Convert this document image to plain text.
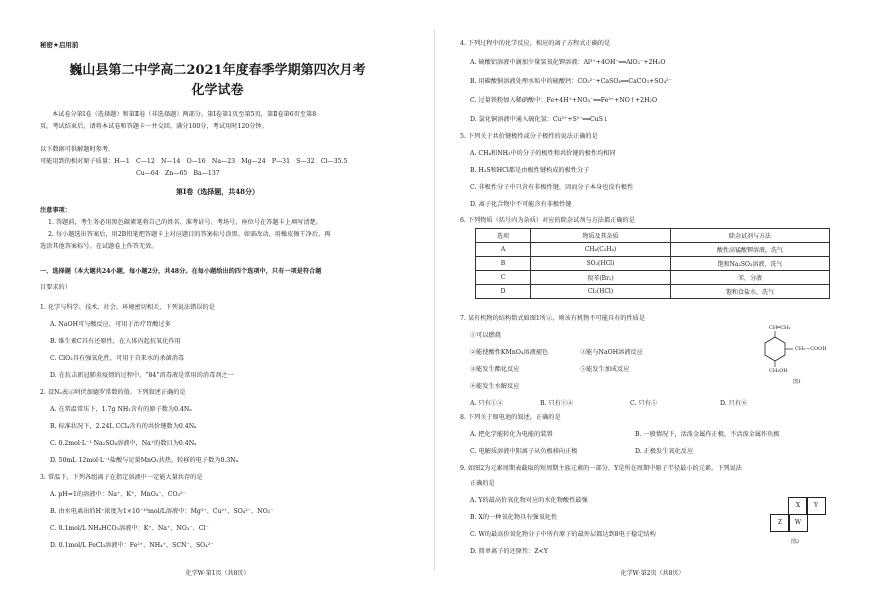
秘密★启用前
巍山县第二中学高二2021年度春季学期第四次月考
化学试卷
本试卷分第Ⅰ卷（选择题）和第Ⅱ卷（非选择题）两部分。第Ⅰ卷第1页至第5页，第Ⅱ卷第6页至第8
页。考试结束后，请将本试卷和答题卡一并交回。满分100分，考试用时120分钟。
以下数据可供解题时参考。
可能用到的相对原子质量：H—1　C—12　N—14　O—16　Na—23　Mg—24　P—31　S—32　Cl—35.5
Cu—64　Zn—65　Ba—137
第Ⅰ卷（选择题，共48分）
注意事项：
1. 答题前，考生务必用黑色碳素笔将自己的姓名、准考证号、考场号、座位号在答题卡上填写清楚。
2. 每小题选出答案后，用2B铅笔把答题卡上对应题目的答案标号涂黑。如需改动，用橡皮擦干净后，再
选涂其他答案标号。在试题卷上作答无效。
一、选择题（本大题共24小题，每小题2分，共48分。在每小题给出的四个选项中，只有一项是符合题
目要求的）
1. 化学与科学、技术、社会、环境密切相关，下列说法错误的是
A. NaOH可与酸反应，可用于治疗胃酸过多
B. 维生素C具有还原性，在人体内起抗氧化作用
C. ClO₂具有强氧化性，可用于自来水的杀菌消毒
D. 在抗击新冠肺炎疫情的过程中，“84”消毒液是常用的消毒剂之一
2. 设Nₐ表示阿伏加德罗常数的值。下列叙述正确的是
A. 在常温常压下，1.7g NH₃含有的原子数为0.4Nₐ
B. 标准状况下，2.24L CCl₄含有的共价键数为0.4Nₐ
C. 0.2mol·L⁻¹ Na₂SO₄溶液中，Na⁺的数目为0.4Nₐ
D. 50mL 12mol·L⁻¹盐酸与足量MnO₂共热，转移的电子数为0.3Nₐ
3. 常温下，下列各组离子在指定溶液中一定能大量共存的是
A. pH=1的溶液中：Na⁺、K⁺、MnO₄⁻、CO₃²⁻
B. 由水电离出的H⁺浓度为1×10⁻¹⁰mol/L溶液中：Mg²⁺、Cu²⁺、SO₄²⁻、NO₃⁻
C. 0.1mol/L NH₄HCO₃溶液中：K⁺、Na⁺、NO₃⁻、Cl⁻
D. 0.1mol/L FeCl₃溶液中：Fe²⁺、NH₄⁺、SCN⁻、SO₄²⁻
化学W·第1页（共8页）
4. 下列过程中的化学反应，相应的离子方程式正确的是
A. 硫酸铝溶液中滴加少量氢氧化钾溶液：Al³⁺+4OH⁻══AlO₂⁻+2H₂O
B. 用碳酸钠溶液处理水垢中的硫酸钙：CO₃²⁻+CaSO₄══CaCO₃+SO₄²⁻
C. 过量铁粉加入稀硝酸中：Fe+4H⁺+NO₃⁻══Fe³⁺+NO↑+2H₂O
D. 氯化铜溶液中通入硫化氢：Cu²⁺+S²⁻══CuS↓
5. 下列关于共价键极性或分子极性的说法正确的是
A. CH₄和NH₃中的分子的极性和共价键的极性均相同
B. H₂S和HCl都是由极性键构成的极性分子
C. 非极性分子中只含有非极性键，因而分子本身也没有极性
D. 离子化合物中不可能含有非极性键
6. 下列物质（括号内为杂质）对应的除杂试剂与方法都正确的是
7. 某有机物的结构简式如图1所示，则该有机物不可能具有的性质是
①可以燃烧
②能使酸性KMnO₄溶液褪色	③能与NaOH溶液反应
④能发生酯化反应	⑤能发生加成反应
⑥能发生水解反应
A. 只有①②	B. 只有①④	C. 只有⑤	D. 只有⑥
CH═CH₂
CH₂—COOH
CH₂OH
图1
8. 下列关于原电池的叙述，正确的是
A. 把化学能转化为电能的装置	B. 一般情况下，活泼金属作正极，不活泼金属作负极
C. 电解质溶液中阳离子从负极移向正极	D. 正极发生氧化反应
9. 如图2为元素周期表截取的短周期主族元素的一部分，Y是所在周期中原子半径最小的元素。下列说法
正确的是
A. Y的最高价氧化物对应的水化物酸性最强
B. X的一种氧化物具有强氧化性
C. W的最高价氧化物分子中所有原子的最外层都达到8电子稳定结构
D. 简单离子的还原性：Z<Y
X	Y
Z	W
图2
化学W·第2页（共8页）
选项	物质及其杂质	除杂试剂与方法
A	CH₄(C₂H₄)	酸性高锰酸钾溶液，洗气
B	SO₂(HCl)	饱和Na₂SO₃溶液，洗气
C	溴苯(Br₂)	苯，分液
D	Cl₂(HCl)	饱和食盐水，洗气
